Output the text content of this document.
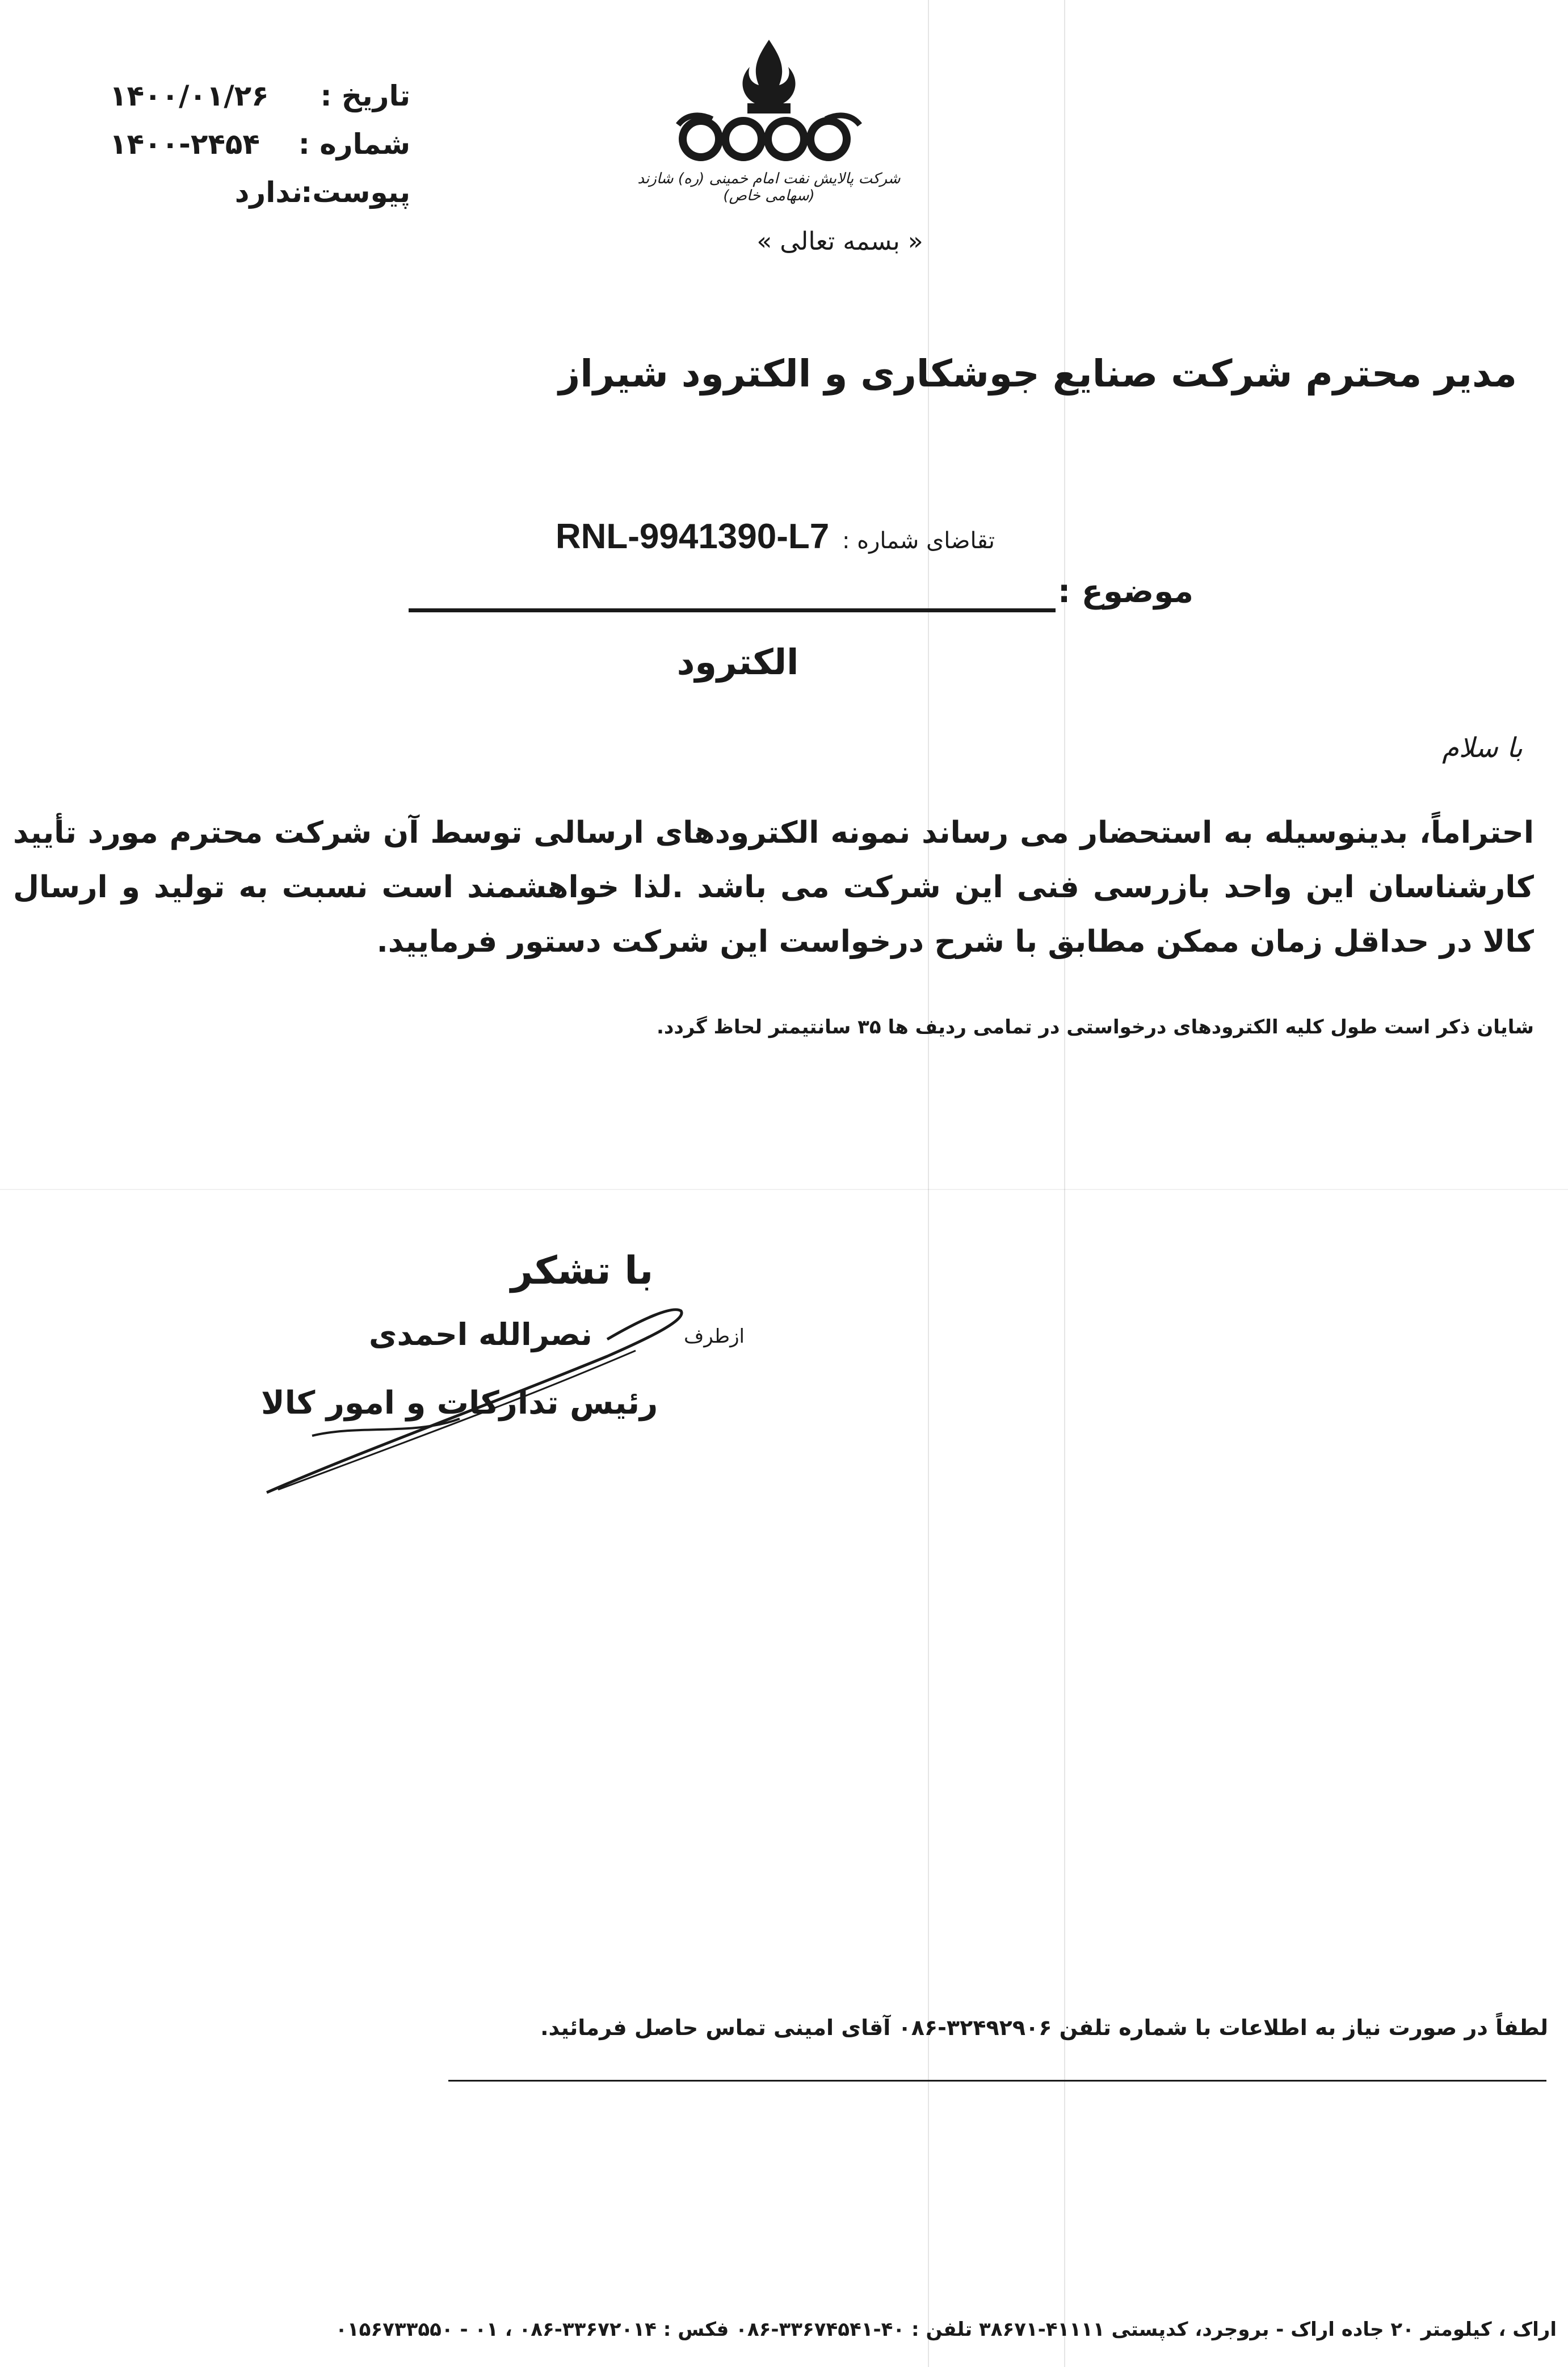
تاریخ :۱۴۰۰/۰۱/۲۶
شماره :۱۴۰۰-۲۴۵۴
پیوست:ندارد	شرکت پالایش نفت امام خمینی (ره) شازند (سهامی خاص)
« بسمه تعالی »
مدیر محترم شرکت صنایع جوشکاری و الکترود شیراز
تقاضای شماره : RNL-9941390-L7
موضوع :
الکترود
با سلام
احتراماً، بدینوسیله به استحضار می رساند نمونه الکترودهای ارسالی توسط آن شرکت محترم مورد تأیید کارشناسان این واحد بازرسی فنی این شرکت می باشد .لذا خواهشمند است نسبت به تولید و ارسال کالا در حداقل زمان ممکن مطابق با شرح درخواست این شرکت دستور فرمایید.
شایان ذکر است طول کلیه الکترودهای درخواستی در تمامی ردیف ها ۳۵ سانتیمتر لحاظ گردد.
با تشکر
ازطرف
نصرالله احمدی
رئیس تدارکات و امور کالا
لطفاً در صورت نیاز به اطلاعات با شماره تلفن ۳۲۴۹۲۹۰۶-۰۸۶ آقای امینی تماس حاصل فرمائید.
اراک ، کیلومتر ۲۰ جاده اراک - بروجرد، کدپستی ۴۱۱۱۱-۳۸۶۷۱ تلفن : ۴۰-۳۳۶۷۴۵۴۱-۰۸۶ فکس : ۳۳۶۷۲۰۱۴-۰۸۶ ، ۰۱ - ۰۱۵۶۷۳۳۵۵۰
